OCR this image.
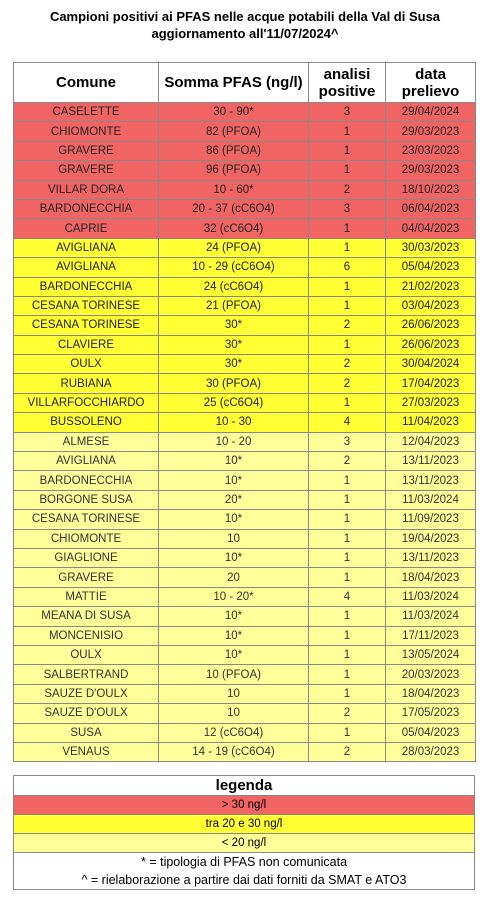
Campioni positivi ai PFAS nelle acque potabili della Val di Susa
aggiornamento all'11/07/2024^
Comune	Somma PFAS (ng/l)	analisi positive	data prelievo
CASELETTE	30 - 90*	3	29/04/2024
CHIOMONTE	82 (PFOA)	1	29/03/2023
GRAVERE	86 (PFOA)	1	23/03/2023
GRAVERE	96 (PFOA)	1	29/03/2023
VILLAR DORA	10 - 60*	2	18/10/2023
BARDONECCHIA	20 - 37 (cC6O4)	3	06/04/2023
CAPRIE	32 (cC6O4)	1	04/04/2023
AVIGLIANA	24 (PFOA)	1	30/03/2023
AVIGLIANA	10 - 29 (cC6O4)	6	05/04/2023
BARDONECCHIA	24 (cC6O4)	1	21/02/2023
CESANA TORINESE	21 (PFOA)	1	03/04/2023
CESANA TORINESE	30*	2	26/06/2023
CLAVIERE	30*	1	26/06/2023
OULX	30*	2	30/04/2024
RUBIANA	30 (PFOA)	2	17/04/2023
VILLARFOCCHIARDO	25 (cC6O4)	1	27/03/2023
BUSSOLENO	10 - 30	4	11/04/2023
ALMESE	10 - 20	3	12/04/2023
AVIGLIANA	10*	2	13/11/2023
BARDONECCHIA	10*	1	13/11/2023
BORGONE SUSA	20*	1	11/03/2024
CESANA TORINESE	10*	1	11/09/2023
CHIOMONTE	10	1	19/04/2023
GIAGLIONE	10*	1	13/11/2023
GRAVERE	20	1	18/04/2023
MATTIE	10 - 20*	4	11/03/2024
MEANA DI SUSA	10*	1	11/03/2024
MONCENISIO	10*	1	17/11/2023
OULX	10*	1	13/05/2024
SALBERTRAND	10 (PFOA)	1	20/03/2023
SAUZE D'OULX	10	1	18/04/2023
SAUZE D'OULX	10	2	17/05/2023
SUSA	12 (cC6O4)	1	05/04/2023
VENAUS	14 - 19 (cC6O4)	2	28/03/2023
legenda
> 30 ng/l
tra 20 e 30 ng/l
< 20 ng/l
* = tipologia di PFAS non comunicata
^ = rielaborazione a partire dai dati forniti da SMAT e ATO3
